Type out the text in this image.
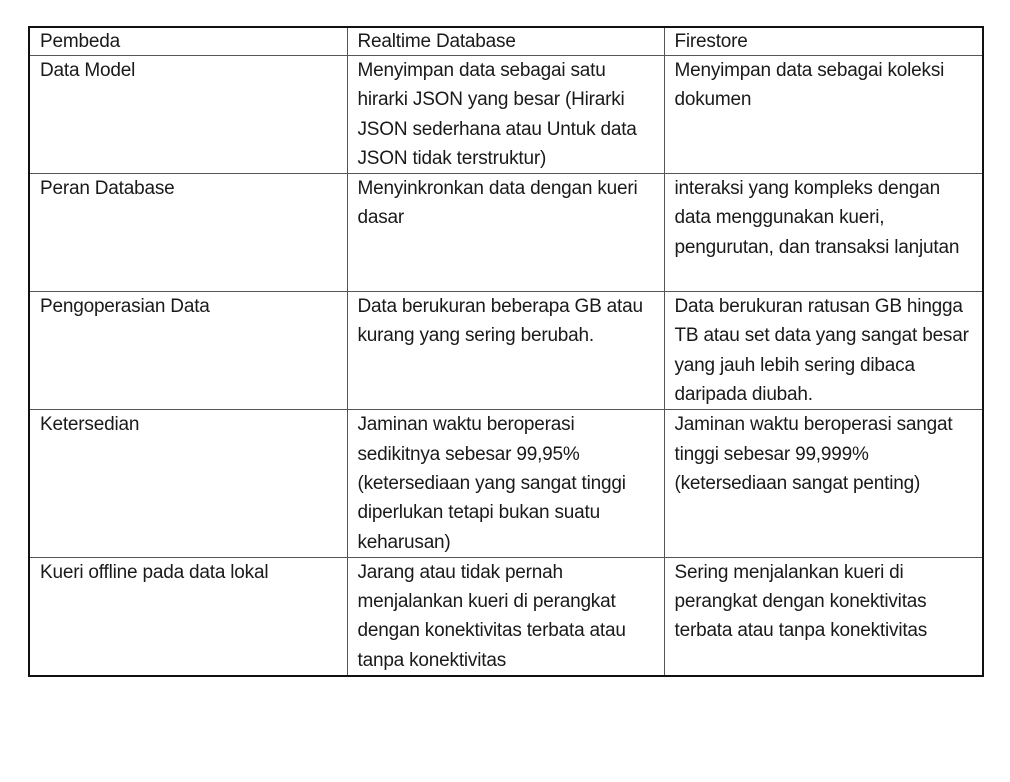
Pembeda	Realtime Database	Firestore
Data Model	Menyimpan data sebagai satu hirarki JSON yang besar (Hirarki JSON sederhana atau Untuk data JSON tidak terstruktur)	Menyimpan data sebagai koleksi dokumen
Peran Database	Menyinkronkan data dengan kueri dasar	interaksi yang kompleks dengan data menggunakan kueri, pengurutan, dan transaksi lanjutan
Pengoperasian Data	Data berukuran beberapa GB atau kurang yang sering berubah.	Data berukuran ratusan GB hingga TB atau set data yang sangat besar yang jauh lebih sering dibaca daripada diubah.
Ketersedian	Jaminan waktu beroperasi sedikitnya sebesar 99,95% (ketersediaan yang sangat tinggi diperlukan tetapi bukan suatu keharusan)	Jaminan waktu beroperasi sangat tinggi sebesar 99,999% (ketersediaan sangat penting)
Kueri offline pada data lokal	Jarang atau tidak pernah menjalankan kueri di perangkat dengan konektivitas terbata atau tanpa konektivitas	Sering menjalankan kueri di perangkat dengan konektivitas terbata atau tanpa konektivitas
